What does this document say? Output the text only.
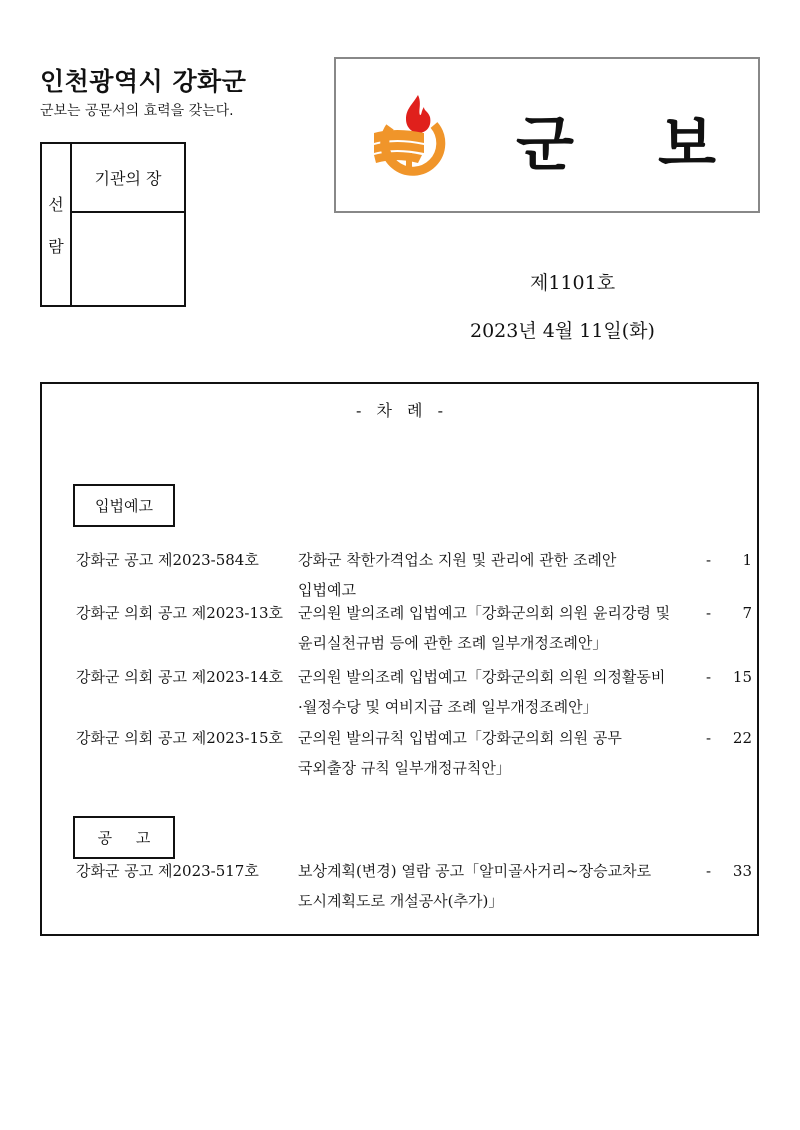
인천광역시 강화군
군보는 공문서의 효력을 갖는다.
선
람
기관의 장	군 보
제1101호
2023년 4월 11일(화)
- 차 례 -
입법예고
강화군 공고 제2023-584호	강화군 착한가격업소 지원 및 관리에 관한 조례안	- 1
입법예고
강화군 의회 공고 제2023-13호 군의원 발의조례 입법예고「강화군의회 의원 윤리강령 및 - 7
윤리실천규범 등에 관한 조례 일부개정조례안」
강화군 의회 공고 제2023-14호 군의원 발의조례 입법예고「강화군의회 의원 의정활동비	- 15
·월정수당 및 여비지급 조례 일부개정조례안」
강화군 의회 공고 제2023-15호 군의원 발의규칙 입법예고「강화군의회 의원 공무	- 22
국외출장 규칙 일부개정규칙안」
공     고
강화군 공고 제2023-517호	보상계획(변경) 열람 공고「알미골사거리~장승교차로	- 33
도시계획도로 개설공사(추가)」
